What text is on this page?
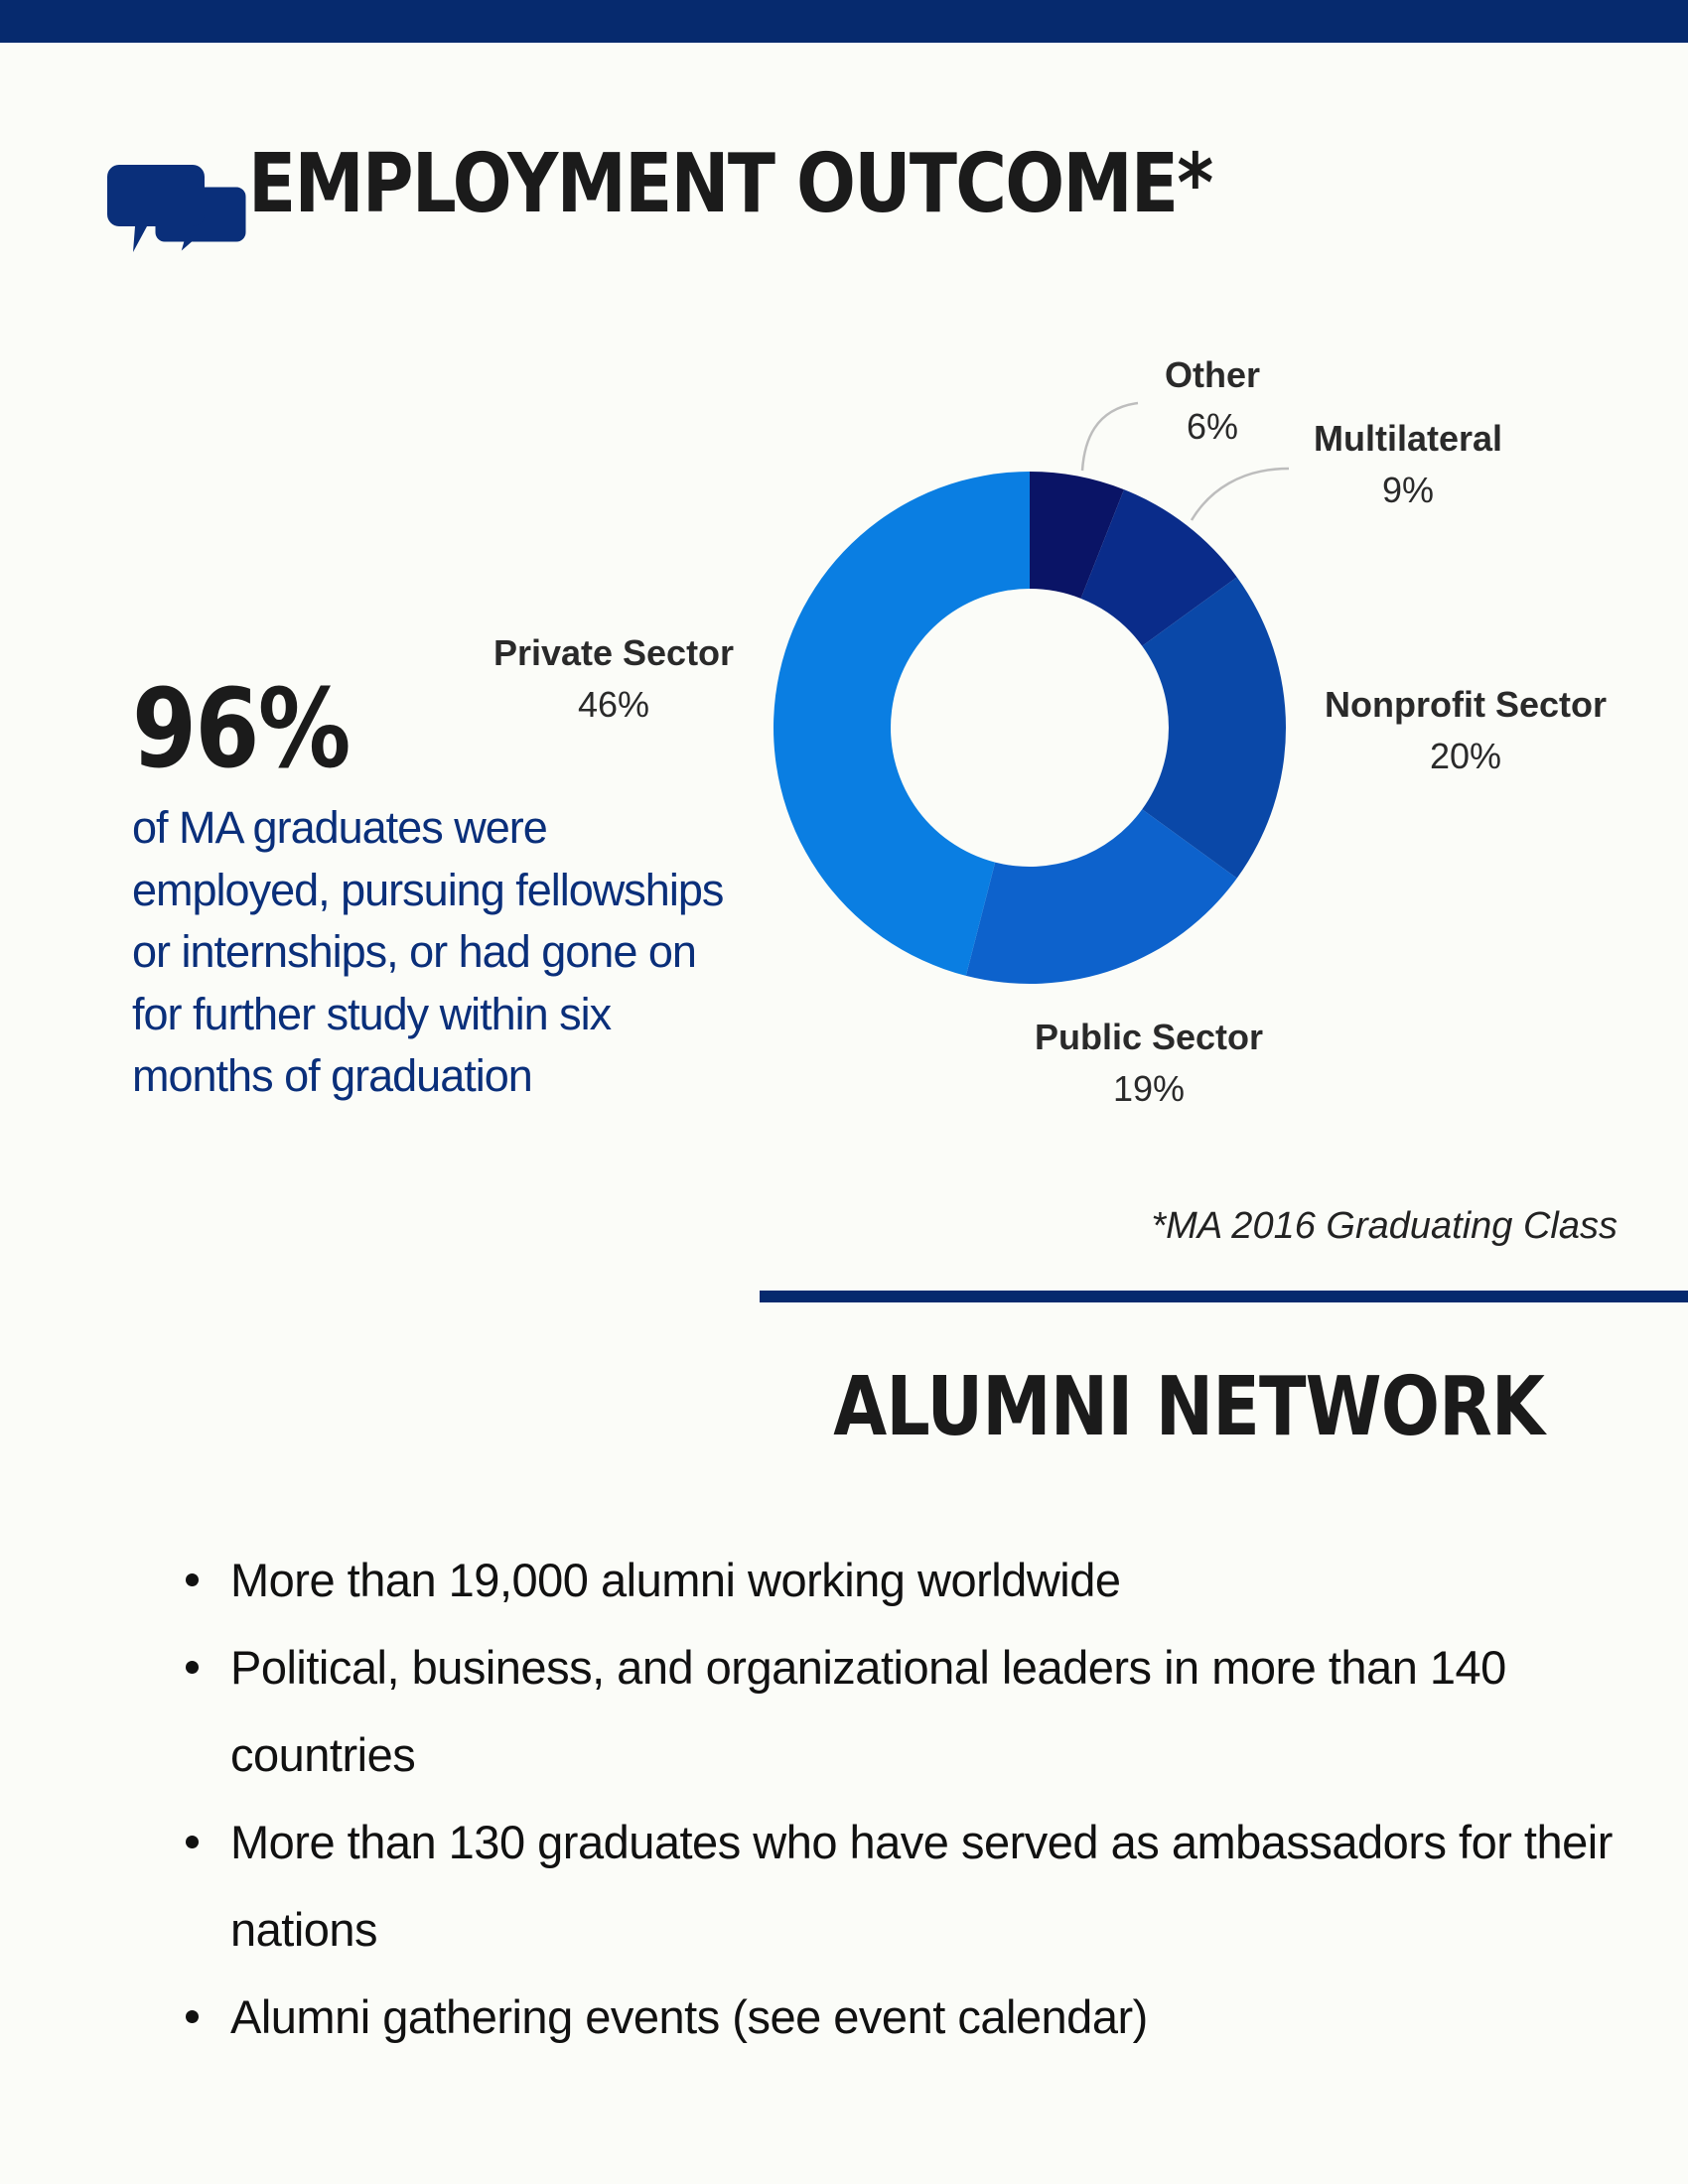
EMPLOYMENT OUTCOME*
96%

of MA graduates were employed, pursuing fellowships or internships, or had gone on for further study within six months of graduation

Other
6% Multilateral
9%
Nonprofit Sector
20%
Public Sector
19%
Private Sector
46%
*MA 2016 Graduating Class
ALUMNI NETWORK
More than 19,000 alumni working worldwide
Political, business, and organizational leaders in more than 140 countries
More than 130 graduates who have served as ambassadors for their nations
Alumni gathering events (see event calendar)
